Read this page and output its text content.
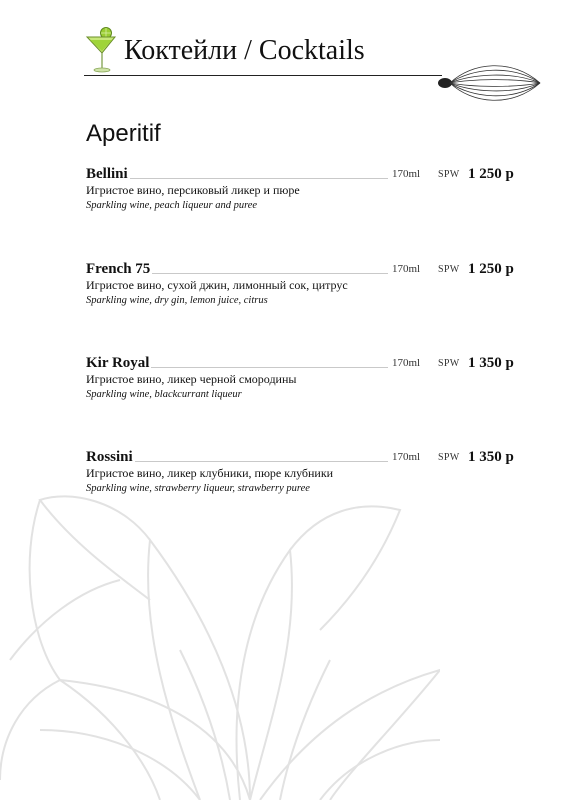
Коктейли / Cocktails
Aperitif
Bellini	170ml SPW 1 250 р
Игристое вино, персиковый ликер и пюре
Sparkling wine, peach liqueur and puree
French 75	170ml SPW 1 250 р
Игристое вино, сухой джин, лимонный сок, цитрус
Sparkling wine, dry gin, lemon juice, citrus
Kir Royal	170ml SPW 1 350 р
Игристое вино, ликер черной смородины
Sparkling wine, blackcurrant liqueur
Rossini	170ml SPW 1 350 р
Игристое вино, ликер клубники, пюре клубники
Sparkling wine, strawberry liqueur, strawberry puree
